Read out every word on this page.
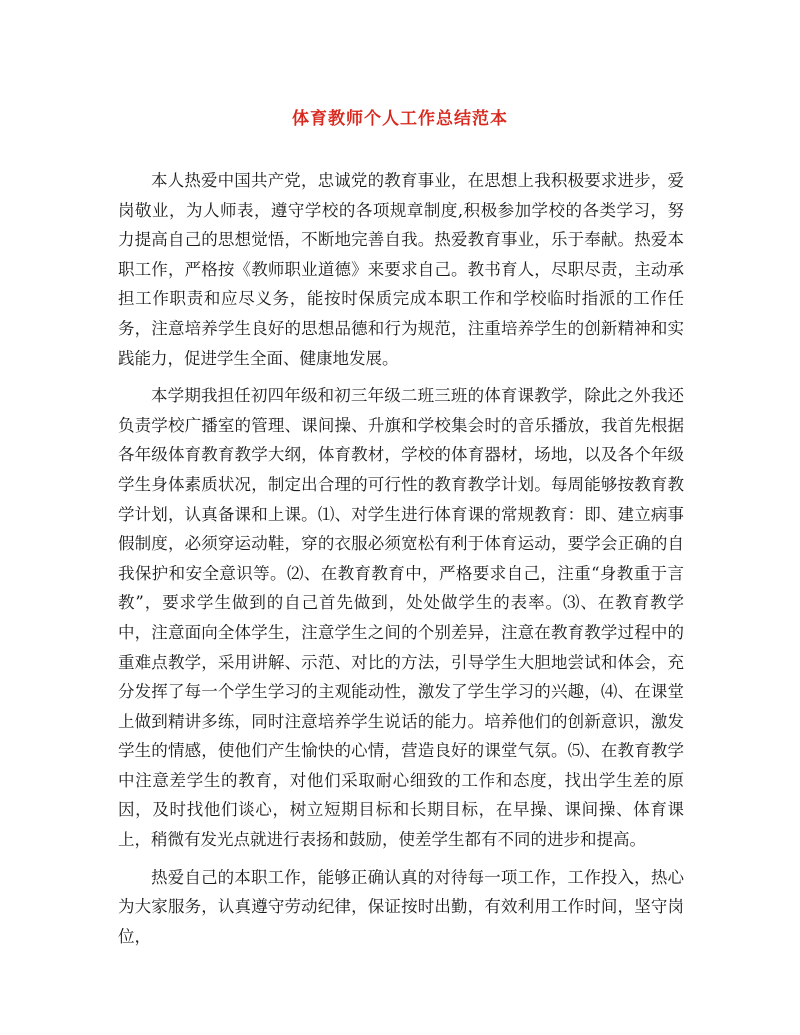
体育教师个人工作总结范本

本人热爱中国共产党，忠诚党的教育事业，在思想上我积极要求进步，爱岗敬业，为人师表，遵守学校的各项规章制度,积极参加学校的各类学习，努力提高自己的思想觉悟，不断地完善自我。热爱教育事业，乐于奉献。热爱本职工作，严格按《教师职业道德》来要求自己。教书育人，尽职尽责，主动承担工作职责和应尽义务，能按时保质完成本职工作和学校临时指派的工作任务，注意培养学生良好的思想品德和行为规范，注重培养学生的创新精神和实践能力，促进学生全面、健康地发展。

本学期我担任初四年级和初三年级二班三班的体育课教学，除此之外我还负责学校广播室的管理、课间操、升旗和学校集会时的音乐播放，我首先根据各年级体育教育教学大纲，体育教材，学校的体育器材，场地，以及各个年级学生身体素质状况，制定出合理的可行性的教育教学计划。每周能够按教育教学计划，认真备课和上课。⑴、对学生进行体育课的常规教育：即、建立病事假制度，必须穿运动鞋，穿的衣服必须宽松有利于体育运动，要学会正确的自我保护和安全意识等。⑵、在教育教育中，严格要求自己，注重“身教重于言教”，要求学生做到的自己首先做到，处处做学生的表率。⑶、在教育教学中，注意面向全体学生，注意学生之间的个别差异，注意在教育教学过程中的重难点教学，采用讲解、示范、对比的方法，引导学生大胆地尝试和体会，充分发挥了每一个学生学习的主观能动性，激发了学生学习的兴趣，⑷、在课堂上做到精讲多练，同时注意培养学生说话的能力。培养他们的创新意识，激发学生的情感，使他们产生愉快的心情，营造良好的课堂气氛。⑸、在教育教学中注意差学生的教育，对他们采取耐心细致的工作和态度，找出学生差的原因，及时找他们谈心，树立短期目标和长期目标，在早操、课间操、体育课上，稍微有发光点就进行表扬和鼓励，使差学生都有不同的进步和提高。

热爱自己的本职工作，能够正确认真的对待每一项工作，工作投入，热心为大家服务，认真遵守劳动纪律，保证按时出勤，有效利用工作时间，坚守岗位，
